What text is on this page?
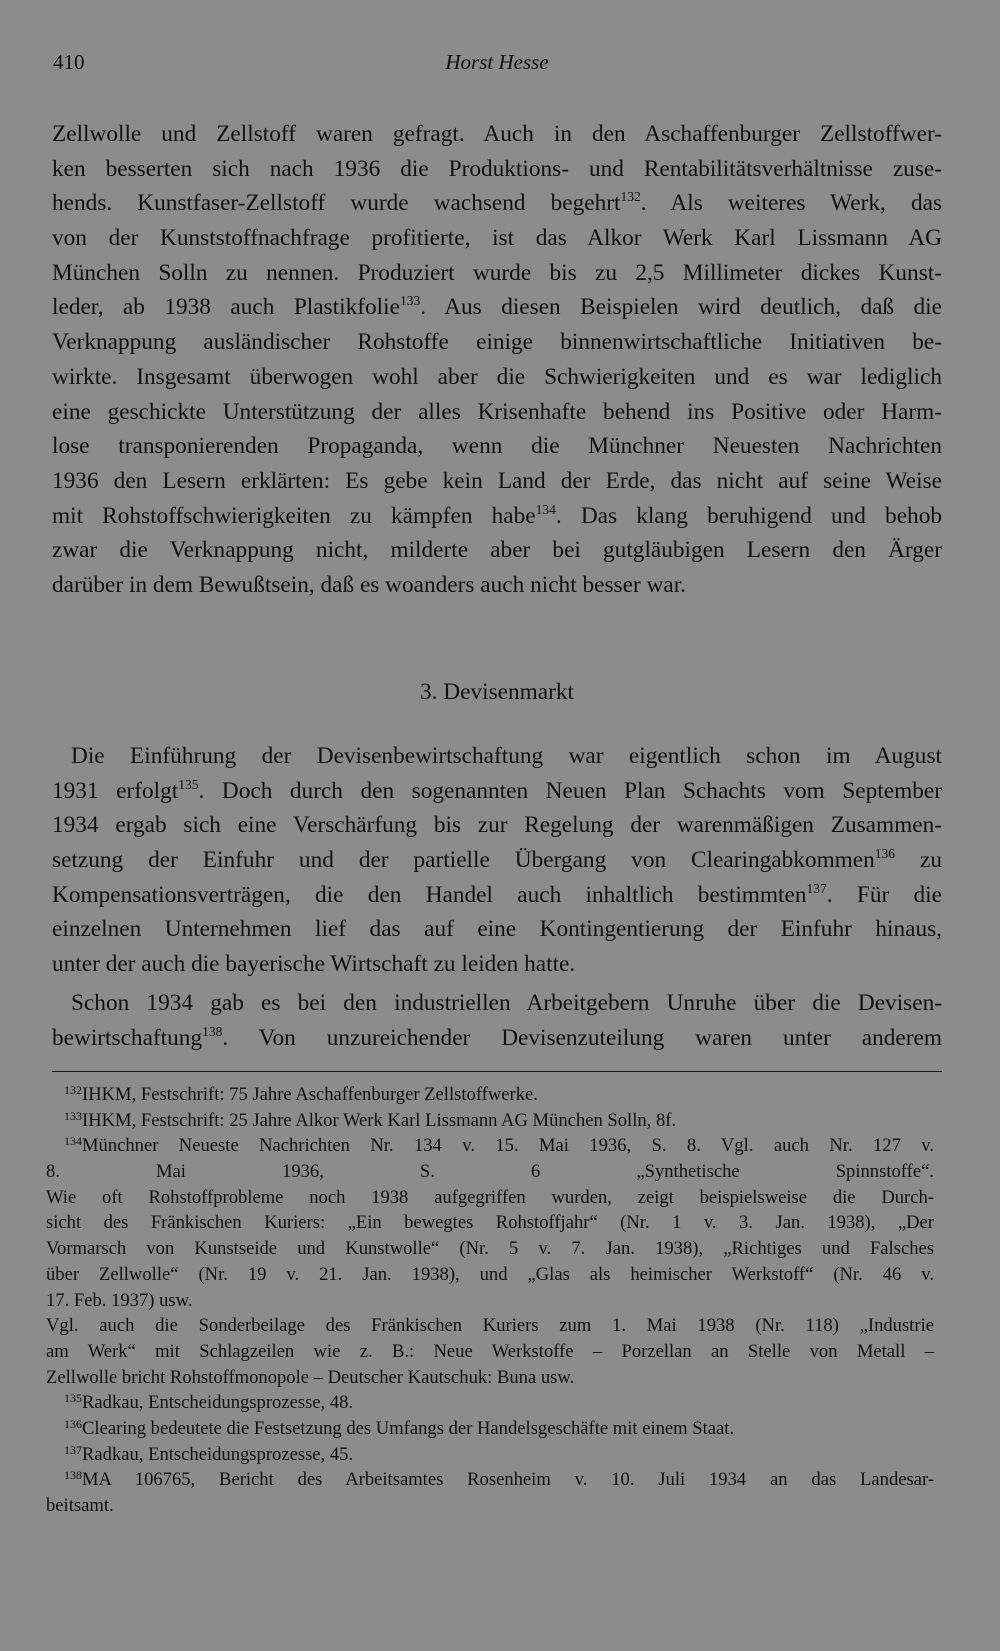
410	Horst Hesse
Zellwolle und Zellstoff waren gefragt. Auch in den Aschaffenburger Zellstoffwer-
ken besserten sich nach 1936 die Produktions- und Rentabilitätsverhältnisse zuse-
hends. Kunstfaser-Zellstoff wurde wachsend begehrt$^{132}$. Als weiteres Werk, das
von der Kunststoffnachfrage profitierte, ist das Alkor Werk Karl Lissmann AG
München Solln zu nennen. Produziert wurde bis zu 2,5 Millimeter dickes Kunst-
leder, ab 1938 auch Plastikfolie$^{133}$. Aus diesen Beispielen wird deutlich, daß die
Verknappung ausländischer Rohstoffe einige binnenwirtschaftliche Initiativen be-
wirkte. Insgesamt überwogen wohl aber die Schwierigkeiten und es war lediglich
eine geschickte Unterstützung der alles Krisenhafte behend ins Positive oder Harm-
lose transponierenden Propaganda, wenn die Münchner Neuesten Nachrichten
1936 den Lesern erklärten: Es gebe kein Land der Erde, das nicht auf seine Weise
mit Rohstoffschwierigkeiten zu kämpfen habe$^{134}$. Das klang beruhigend und behob
zwar die Verknappung nicht, milderte aber bei gutgläubigen Lesern den Ärger
darüber in dem Bewußtsein, daß es woanders auch nicht besser war.
3. Devisenmarkt
Die Einführung der Devisenbewirtschaftung war eigentlich schon im August
1931 erfolgt$^{135}$. Doch durch den sogenannten Neuen Plan Schachts vom September
1934 ergab sich eine Verschärfung bis zur Regelung der warenmäßigen Zusammen-
setzung der Einfuhr und der partielle Übergang von Clearingabkommen$^{136}$ zu
Kompensationsverträgen, die den Handel auch inhaltlich bestimmten$^{137}$. Für die
einzelnen Unternehmen lief das auf eine Kontingentierung der Einfuhr hinaus,
unter der auch die bayerische Wirtschaft zu leiden hatte.
Schon 1934 gab es bei den industriellen Arbeitgebern Unruhe über die Devisen-
bewirtschaftung$^{138}$. Von unzureichender Devisenzuteilung waren unter anderem
$^{132}$IHKM, Festschrift: 75 Jahre Aschaffenburger Zellstoffwerke.
$^{133}$IHKM, Festschrift: 25 Jahre Alkor Werk Karl Lissmann AG München Solln, 8f.
$^{134}$Münchner Neueste Nachrichten Nr. 134 v. 15. Mai 1936, S. 8. Vgl. auch Nr. 127 v.
8. Mai 1936, S. 6 „Synthetische Spinnstoffe“.
Wie oft Rohstoffprobleme noch 1938 aufgegriffen wurden, zeigt beispielsweise die Durch-
sicht des Fränkischen Kuriers: „Ein bewegtes Rohstoffjahr“ (Nr. 1 v. 3. Jan. 1938), „Der
Vormarsch von Kunstseide und Kunstwolle“ (Nr. 5 v. 7. Jan. 1938), „Richtiges und Falsches
über Zellwolle“ (Nr. 19 v. 21. Jan. 1938), und „Glas als heimischer Werkstoff“ (Nr. 46 v.
17. Feb. 1937) usw.
Vgl. auch die Sonderbeilage des Fränkischen Kuriers zum 1. Mai 1938 (Nr. 118) „Industrie
am Werk“ mit Schlagzeilen wie z. B.: Neue Werkstoffe – Porzellan an Stelle von Metall –
Zellwolle bricht Rohstoffmonopole – Deutscher Kautschuk: Buna usw.
$^{135}$Radkau, Entscheidungsprozesse, 48.
$^{136}$Clearing bedeutete die Festsetzung des Umfangs der Handelsgeschäfte mit einem Staat.
$^{137}$Radkau, Entscheidungsprozesse, 45.
$^{138}$MA 106765, Bericht des Arbeitsamtes Rosenheim v. 10. Juli 1934 an das Landesar-
beitsamt.
